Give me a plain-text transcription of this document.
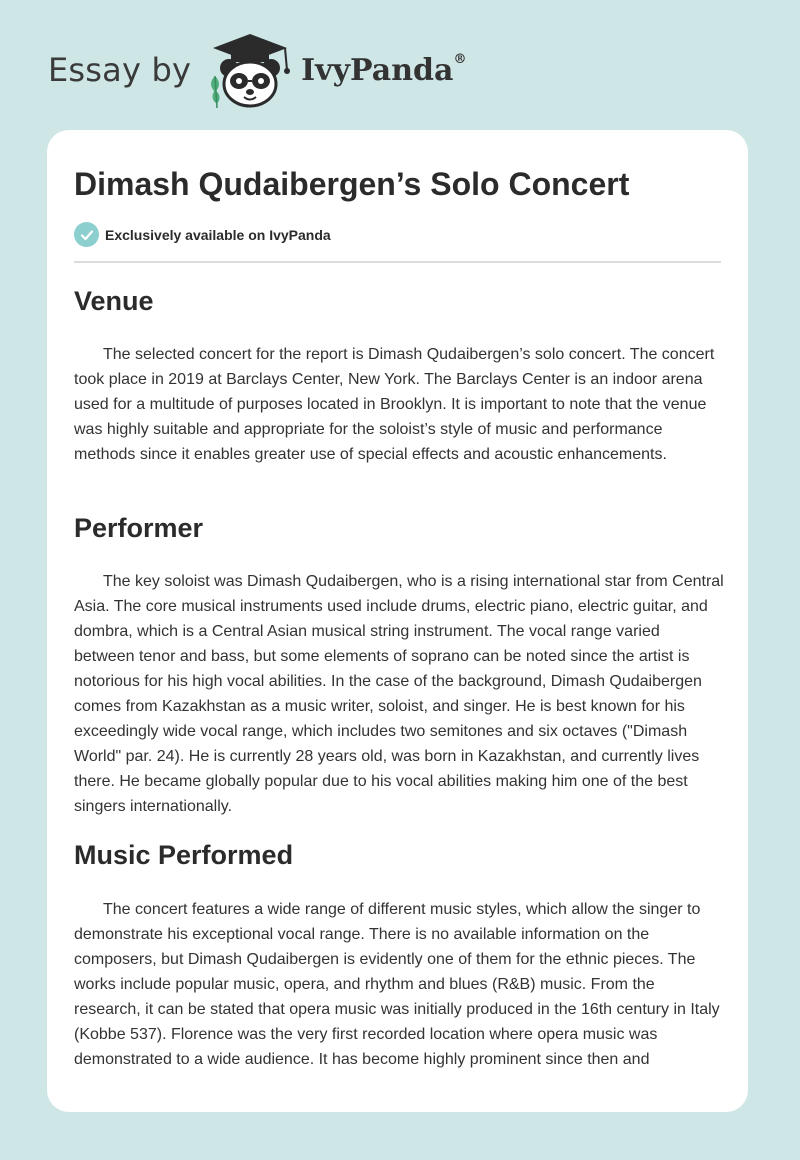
Essay by	IvyPanda®
Dimash Qudaibergen’s Solo Concert
Exclusively available on IvyPanda
Venue

The selected concert for the report is Dimash Qudaibergen’s solo concert. The concert took place in 2019 at Barclays Center, New York. The Barclays Center is an indoor arena used for a multitude of purposes located in Brooklyn. It is important to note that the venue was highly suitable and appropriate for the soloist’s style of music and performance methods since it enables greater use of special effects and acoustic enhancements.

Performer

The key soloist was Dimash Qudaibergen, who is a rising international star from Central Asia. The core musical instruments used include drums, electric piano, electric guitar, and dombra, which is a Central Asian musical string instrument. The vocal range varied between tenor and bass, but some elements of soprano can be noted since the artist is notorious for his high vocal abilities. In the case of the background, Dimash Qudaibergen comes from Kazakhstan as a music writer, soloist, and singer. He is best known for his exceedingly wide vocal range, which includes two semitones and six octaves ("Dimash World" par. 24). He is currently 28 years old, was born in Kazakhstan, and currently lives there. He became globally popular due to his vocal abilities making him one of the best singers internationally.

Music Performed

The concert features a wide range of different music styles, which allow the singer to demonstrate his exceptional vocal range. There is no available information on the composers, but Dimash Qudaibergen is evidently one of them for the ethnic pieces. The works include popular music, opera, and rhythm and blues (R&B) music. From the research, it can be stated that opera music was initially produced in the 16th century in Italy (Kobbe 537). Florence was the very first recorded location where opera music was demonstrated to a wide audience. It has become highly prominent since then and
